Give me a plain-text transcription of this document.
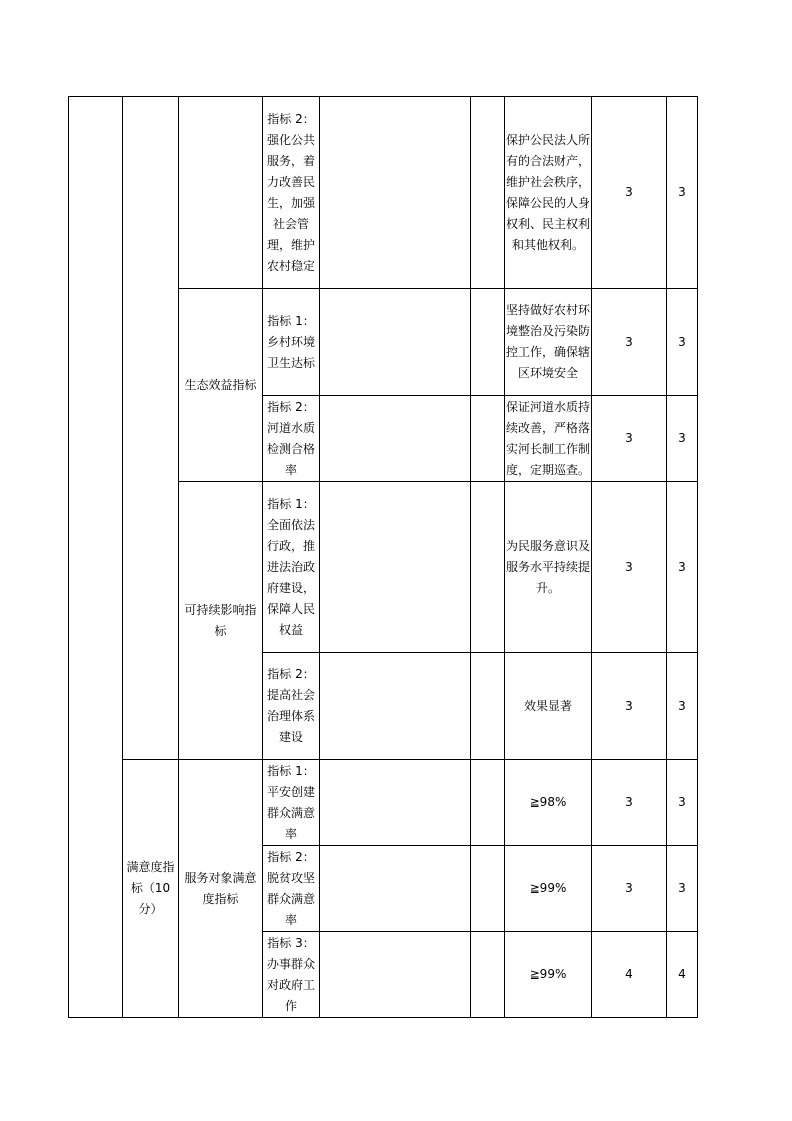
			指标 2：强化公共服务，着力改善民生，加强社会管理，维护农村稳定			保护公民法人所有的合法财产，维护社会秩序，保障公民的人身权利、民主权利和其他权利。	3	3
		生态效益指标	指标 1：乡村环境卫生达标			坚持做好农村环境整治及污染防控工作，确保辖区环境安全	3	3
			指标 2：河道水质检测合格率			保证河道水质持续改善，严格落实河长制工作制度，定期巡查。	3	3
		可持续影响指标	指标 1：全面依法行政，推进法治政府建设，保障人民权益			为民服务意识及服务水平持续提升。	3	3
			指标 2：提高社会治理体系建设			效果显著	3	3
	满意度指标（10分）	服务对象满意度指标	指标 1：平安创建群众满意率			≧98%	3	3
			指标 2：脱贫攻坚群众满意率			≧99%	3	3
			指标 3：办事群众对政府工作			≧99%	4	4
